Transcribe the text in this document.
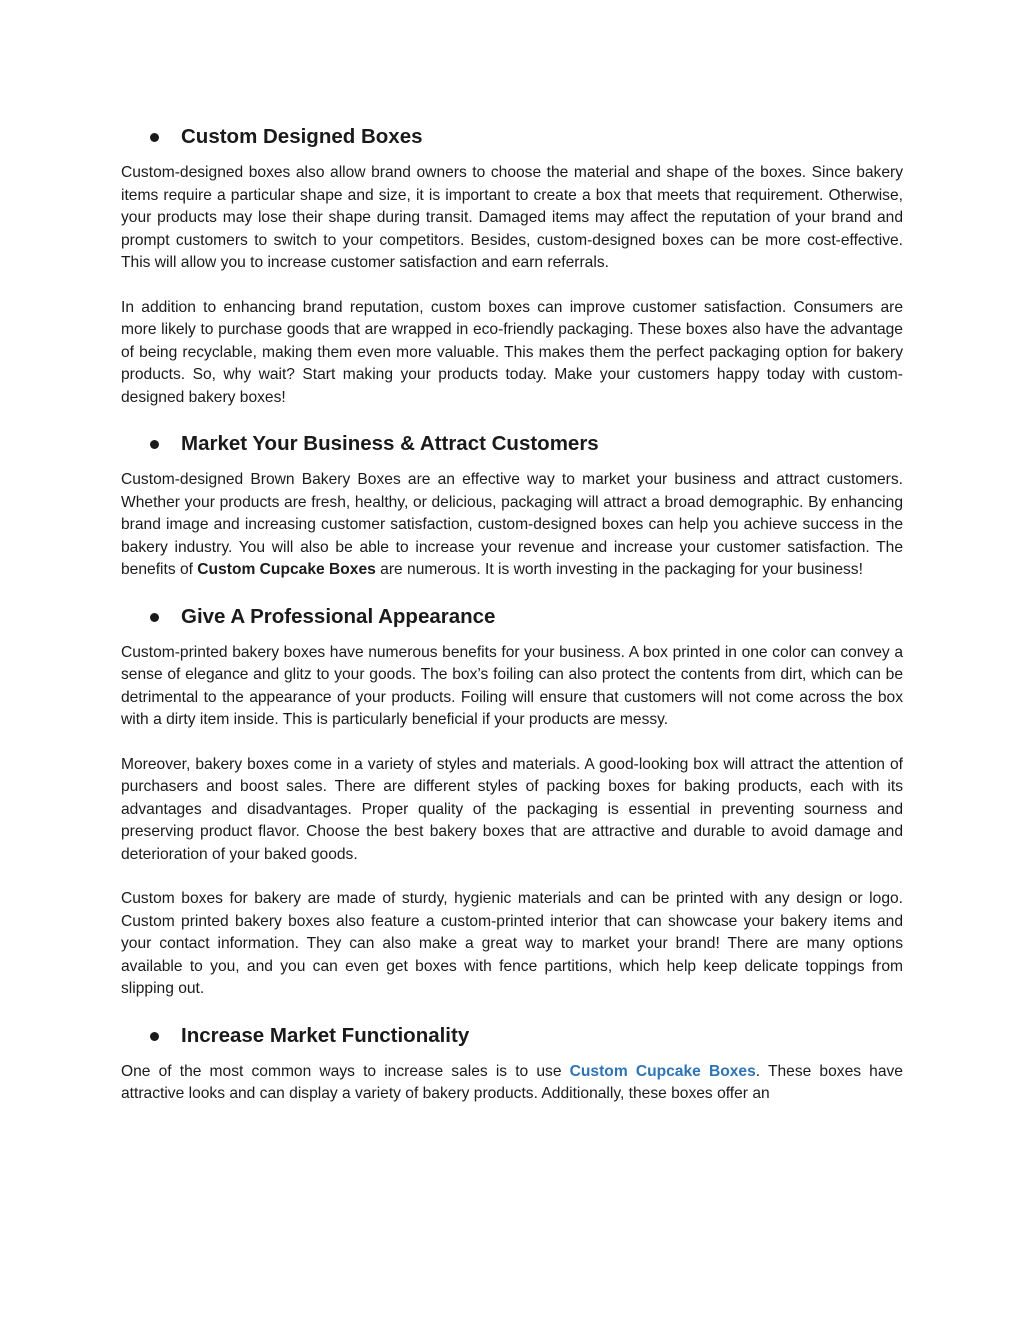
Custom Designed Boxes

Custom-designed boxes also allow brand owners to choose the material and shape of the boxes. Since bakery items require a particular shape and size, it is important to create a box that meets that requirement. Otherwise, your products may lose their shape during transit. Damaged items may affect the reputation of your brand and prompt customers to switch to your competitors. Besides, custom-designed boxes can be more cost-effective. This will allow you to increase customer satisfaction and earn referrals.

In addition to enhancing brand reputation, custom boxes can improve customer satisfaction. Consumers are more likely to purchase goods that are wrapped in eco-friendly packaging. These boxes also have the advantage of being recyclable, making them even more valuable. This makes them the perfect packaging option for bakery products. So, why wait? Start making your products today. Make your customers happy today with custom-designed bakery boxes!

Market Your Business & Attract Customers

Custom-designed Brown Bakery Boxes are an effective way to market your business and attract customers. Whether your products are fresh, healthy, or delicious, packaging will attract a broad demographic. By enhancing brand image and increasing customer satisfaction, custom-designed boxes can help you achieve success in the bakery industry. You will also be able to increase your revenue and increase your customer satisfaction. The benefits of Custom Cupcake Boxes are numerous. It is worth investing in the packaging for your business!

Give A Professional Appearance

Custom-printed bakery boxes have numerous benefits for your business. A box printed in one color can convey a sense of elegance and glitz to your goods. The box’s foiling can also protect the contents from dirt, which can be detrimental to the appearance of your products. Foiling will ensure that customers will not come across the box with a dirty item inside. This is particularly beneficial if your products are messy.

Moreover, bakery boxes come in a variety of styles and materials. A good-looking box will attract the attention of purchasers and boost sales. There are different styles of packing boxes for baking products, each with its advantages and disadvantages. Proper quality of the packaging is essential in preventing sourness and preserving product flavor. Choose the best bakery boxes that are attractive and durable to avoid damage and deterioration of your baked goods.

Custom boxes for bakery are made of sturdy, hygienic materials and can be printed with any design or logo. Custom printed bakery boxes also feature a custom-printed interior that can showcase your bakery items and your contact information. They can also make a great way to market your brand! There are many options available to you, and you can even get boxes with fence partitions, which help keep delicate toppings from slipping out.

Increase Market Functionality

One of the most common ways to increase sales is to use Custom Cupcake Boxes. These boxes have attractive looks and can display a variety of bakery products. Additionally, these boxes offer an
